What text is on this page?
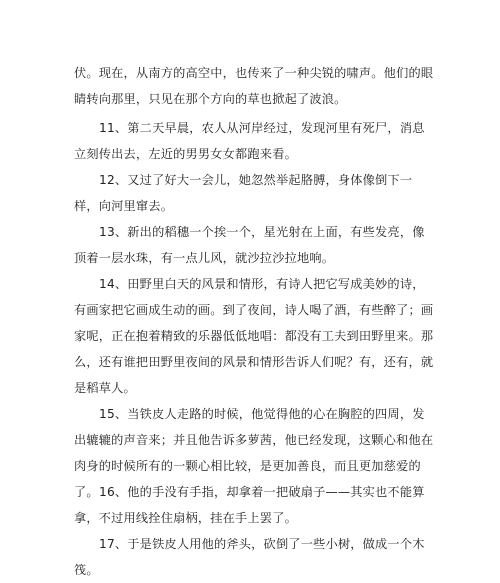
伏。现在，从南方的高空中，也传来了一种尖锐的啸声。他们的眼睛转向那里，只见在那个方向的草也掀起了波浪。

11、第二天早晨，农人从河岸经过，发现河里有死尸，消息立刻传出去，左近的男男女女都跑来看。

12、又过了好大一会儿，她忽然举起胳膊，身体像倒下一样，向河里窜去。

13、新出的稻穗一个挨一个，星光射在上面，有些发亮，像顶着一层水珠，有一点儿风，就沙拉沙拉地响。

14、田野里白天的风景和情形，有诗人把它写成美妙的诗，有画家把它画成生动的画。到了夜间，诗人喝了酒，有些醉了；画家呢，正在抱着精致的乐器低低地唱：都没有工夫到田野里来。那么，还有谁把田野里夜间的风景和情形告诉人们呢？有，还有，就是稻草人。

15、当铁皮人走路的时候，他觉得他的心在胸腔的四周，发出辘辘的声音来；并且他告诉多萝茜，他已经发现，这颗心和他在肉身的时候所有的一颗心相比较，是更加善良，而且更加慈爱的了。 16、他的手没有手指，却拿着一把破扇子——其实也不能算拿，不过用线拴住扇柄，挂在手上罢了。

17、于是铁皮人用他的斧头，砍倒了一些小树，做成一个木筏。
